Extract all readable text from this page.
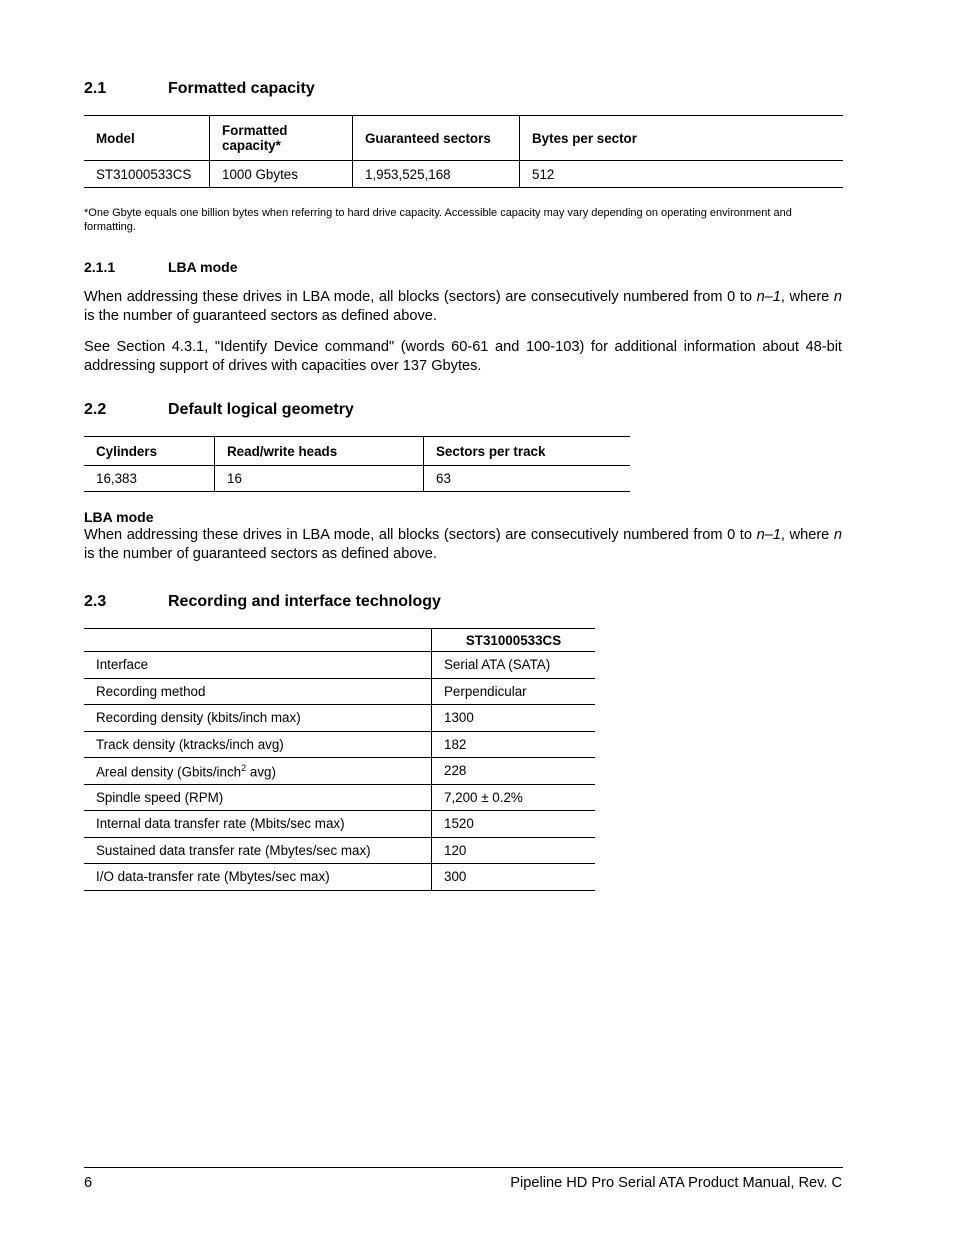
2.1	Formatted capacity
Model	Formatted capacity*	Guaranteed sectors	Bytes per sector
ST31000533CS	1000 Gbytes	1,953,525,168	512
*One Gbyte equals one billion bytes when referring to hard drive capacity. Accessible capacity may vary depending on operating environment and formatting.
2.1.1	LBA mode
When addressing these drives in LBA mode, all blocks (sectors) are consecutively numbered from 0 to n–1, where n is the number of guaranteed sectors as defined above.
See Section 4.3.1, "Identify Device command" (words 60-61 and 100-103) for additional information about 48-bit addressing support of drives with capacities over 137 Gbytes.
2.2	Default logical geometry
Cylinders	Read/write heads	Sectors per track
16,383	16	63
LBA mode
When addressing these drives in LBA mode, all blocks (sectors) are consecutively numbered from 0 to n–1, where n is the number of guaranteed sectors as defined above.
2.3	Recording and interface technology
	ST31000533CS
Interface	Serial ATA (SATA)
Recording method	Perpendicular
Recording density (kbits/inch max)	1300
Track density (ktracks/inch avg)	182
Areal density (Gbits/inch$^2$ avg)	228
Spindle speed (RPM)	7,200 ± 0.2%
Internal data transfer rate (Mbits/sec max)	1520
Sustained data transfer rate (Mbytes/sec max)	120
I/O data-transfer rate (Mbytes/sec max)	300
6	Pipeline HD Pro Serial ATA Product Manual, Rev. C
